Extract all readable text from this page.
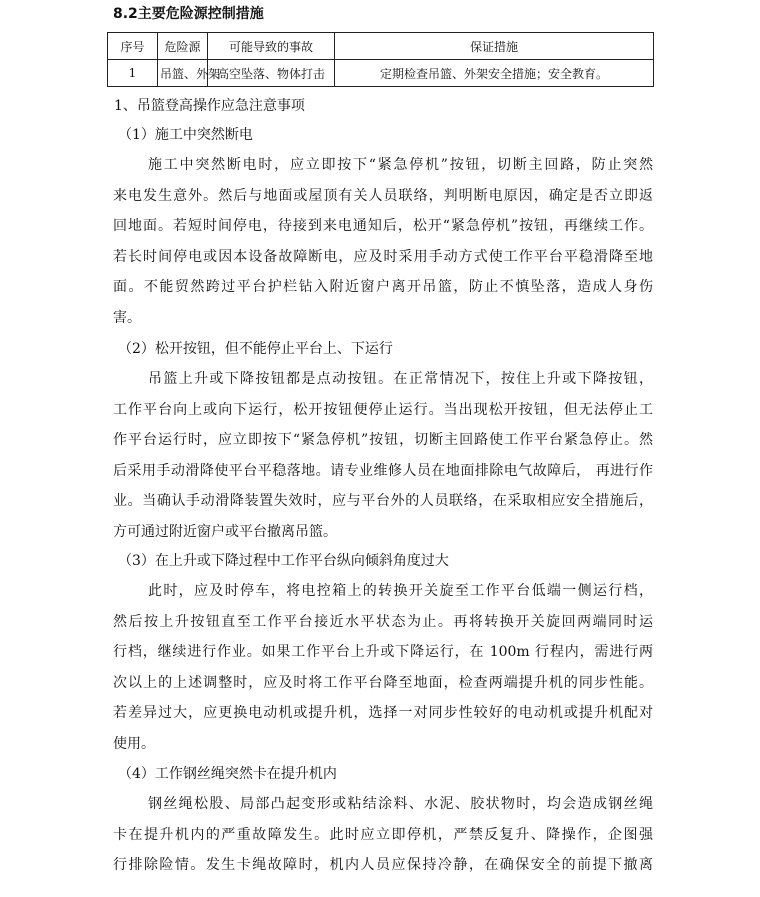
8.2主要危险源控制措施
序号	危险源	可能导致的事故	保证措施
1	吊篮、外架	高空坠落、物体打击	定期检查吊篮、外架安全措施；安全教育。
1、吊篮登高操作应急注意事项
（1）施工中突然断电
施工中突然断电时，应立即按下“紧急停机”按钮，切断主回路，防止突然
来电发生意外。然后与地面或屋顶有关人员联络，判明断电原因，确定是否立即返
回地面。若短时间停电，待接到来电通知后，松开“紧急停机”按钮，再继续工作。
若长时间停电或因本设备故障断电，应及时采用手动方式使工作平台平稳滑降至地
面。不能贸然跨过平台护栏钻入附近窗户离开吊篮，防止不慎坠落，造成人身伤
害。
（2）松开按钮，但不能停止平台上、下运行
吊篮上升或下降按钮都是点动按钮。在正常情况下，按住上升或下降按钮，
工作平台向上或向下运行，松开按钮便停止运行。当出现松开按钮，但无法停止工
作平台运行时，应立即按下“紧急停机”按钮，切断主回路使工作平台紧急停止。然
后采用手动滑降使平台平稳落地。请专业维修人员在地面排除电气故障后， 再进行作
业。当确认手动滑降装置失效时，应与平台外的人员联络，在采取相应安全措施后，
方可通过附近窗户或平台撤离吊篮。
（3）在上升或下降过程中工作平台纵向倾斜角度过大
此时，应及时停车，将电控箱上的转换开关旋至工作平台低端一侧运行档，
然后按上升按钮直至工作平台接近水平状态为止。再将转换开关旋回两端同时运
行档，继续进行作业。如果工作平台上升或下降运行，在 100m 行程内，需进行两
次以上的上述调整时，应及时将工作平台降至地面，检查两端提升机的同步性能。
若差异过大，应更换电动机或提升机，选择一对同步性较好的电动机或提升机配对
使用。
（4）工作钢丝绳突然卡在提升机内
钢丝绳松股、局部凸起变形或粘结涂料、水泥、胶状物时，均会造成钢丝绳
卡在提升机内的严重故障发生。此时应立即停机，严禁反复升、降操作，企图强
行排除险情。发生卡绳故障时，机内人员应保持冷静，在确保安全的前提下撤离
